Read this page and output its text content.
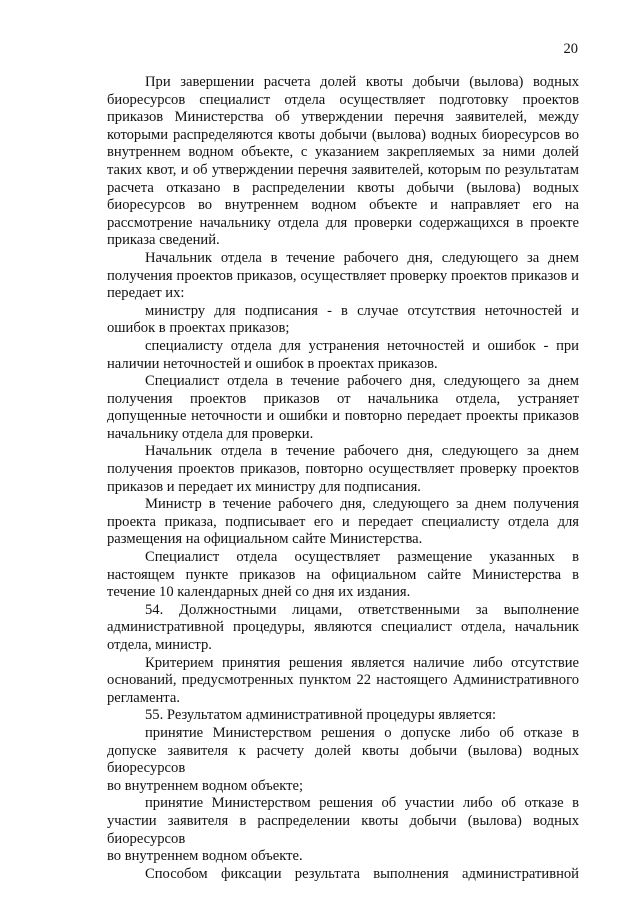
20

При завершении расчета долей квоты добычи (вылова) водных биоресурсов специалист отдела осуществляет подготовку проектов приказов Министерства об утверждении перечня заявителей, между которыми распределяются квоты добычи (вылова) водных биоресурсов во внутреннем водном объекте, с указанием закрепляемых за ними долей таких квот, и об утверждении перечня заявителей, которым по результатам расчета отказано в распределении квоты добычи (вылова) водных биоресурсов во внутреннем водном объекте и направляет его на рассмотрение начальнику отдела для проверки содержащихся в проекте приказа сведений.

Начальник отдела в течение рабочего дня, следующего за днем получения проектов приказов, осуществляет проверку проектов приказов и передает их:

министру для подписания - в случае отсутствия неточностей и ошибок в проектах приказов;

специалисту отдела для устранения неточностей и ошибок - при наличии неточностей и ошибок в проектах приказов.

Специалист отдела в течение рабочего дня, следующего за днем получения проектов приказов от начальника отдела, устраняет допущенные неточности и ошибки и повторно передает проекты приказов начальнику отдела для проверки.

Начальник отдела в течение рабочего дня, следующего за днем получения проектов приказов, повторно осуществляет проверку проектов приказов и передает их министру для подписания.

Министр в течение рабочего дня, следующего за днем получения проекта приказа, подписывает его и передает специалисту отдела для размещения на официальном сайте Министерства.

Специалист отдела осуществляет размещение указанных в настоящем пункте приказов на официальном сайте Министерства в течение 10 календарных дней со дня их издания.

54. Должностными лицами, ответственными за выполнение административной процедуры, являются специалист отдела, начальник отдела, министр.

Критерием принятия решения является наличие либо отсутствие оснований, предусмотренных пунктом 22 настоящего Административного регламента.

55. Результатом административной процедуры является:

принятие Министерством решения о допуске либо об отказе в допуске заявителя к расчету долей квоты добычи (вылова) водных биоресурсов

во внутреннем водном объекте;

принятие Министерством решения об участии либо об отказе в участии заявителя в распределении квоты добычи (вылова) водных биоресурсов

во внутреннем водном объекте.

Способом фиксации результата выполнения административной
